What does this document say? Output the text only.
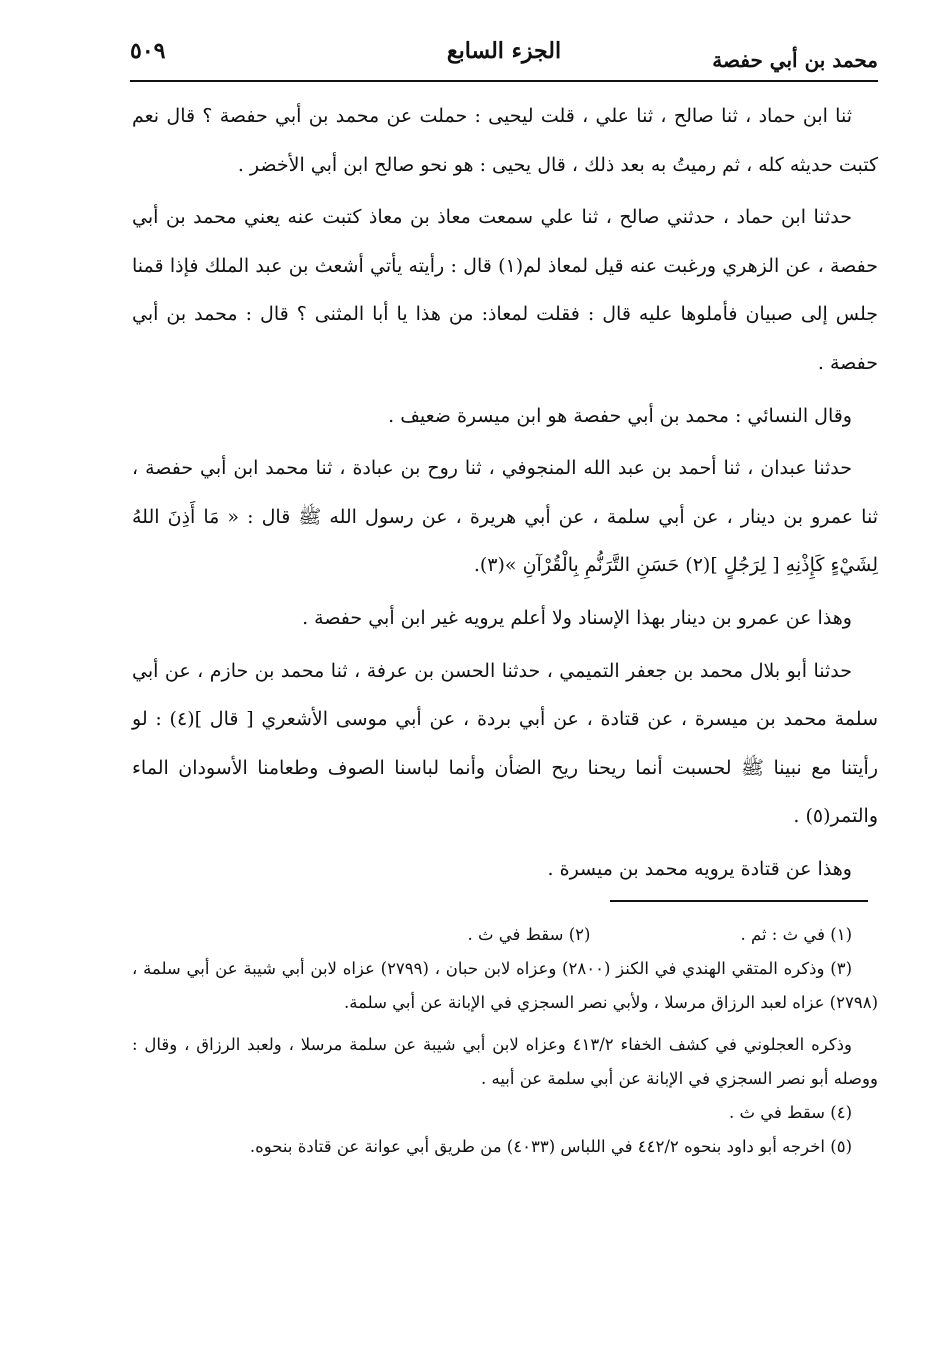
محمد بن أبي حفصة
الجزء السابع
٥٠٩

ثنا ابن حماد ، ثنا صالح ، ثنا علي ، قلت ليحيى : حملت عن محمد بن أبي حفصة ؟ قال نعم كتبت حديثه كله ، ثم رميتُ به بعد ذلك ، قال يحيى : هو نحو صالح ابن أبي الأخضر .

حدثنا ابن حماد ، حدثني صالح ، ثنا علي سمعت معاذ بن معاذ كتبت عنه يعني محمد بن أبي حفصة ، عن الزهري ورغبت عنه قيل لمعاذ لم(١) قال : رأيته يأتي أشعث بن عبد الملك فإذا قمنا جلس إلى صبيان فأملوها عليه قال : فقلت لمعاذ: من هذا يا أبا المثنى ؟ قال : محمد بن أبي حفصة .

وقال النسائي : محمد بن أبي حفصة هو ابن ميسرة ضعيف .

حدثنا عبدان ، ثنا أحمد بن عبد الله المنجوفي ، ثنا روح بن عبادة ، ثنا محمد ابن أبي حفصة ، ثنا عمرو بن دينار ، عن أبي سلمة ، عن أبي هريرة ، عن رسول الله ﷺ قال : « مَا أَذِنَ اللهُ لِشَيْءٍ كَإِذْنِهِ [ لِرَجُلٍ ](٢) حَسَنِ التَّرَنُّمِ بِالْقُرْآنِ »(٣).

وهذا عن عمرو بن دينار بهذا الإسناد ولا أعلم يرويه غير ابن أبي حفصة .

حدثنا أبو بلال محمد بن جعفر التميمي ، حدثنا الحسن بن عرفة ، ثنا محمد بن حازم ، عن أبي سلمة محمد بن ميسرة ، عن قتادة ، عن أبي بردة ، عن أبي موسى الأشعري [ قال ](٤) : لو رأيتنا مع نبينا ﷺ لحسبت أنما ريحنا ريح الضأن وأنما لباسنا الصوف وطعامنا الأسودان الماء والتمر(٥) .

وهذا عن قتادة يرويه محمد بن ميسرة .

(١) في ث : ثم .
(٢) سقط في ث .

(٣) وذكره المتقي الهندي في الكنز (٢٨٠٠) وعزاه لابن حبان ، (٢٧٩٩) عزاه لابن أبي شيبة عن أبي سلمة ، (٢٧٩٨) عزاه لعبد الرزاق مرسلا ، ولأبي نصر السجزي في الإبانة عن أبي سلمة.

وذكره العجلوني في كشف الخفاء ٤١٣/٢ وعزاه لابن أبي شيبة عن سلمة مرسلا ، ولعبد الرزاق ، وقال : ووصله أبو نصر السجزي في الإبانة عن أبي سلمة عن أبيه .

(٤) سقط في ث .

(٥) اخرجه أبو داود بنحوه ٤٤٢/٢ في اللباس (٤٠٣٣) من طريق أبي عوانة عن قتادة بنحوه.
